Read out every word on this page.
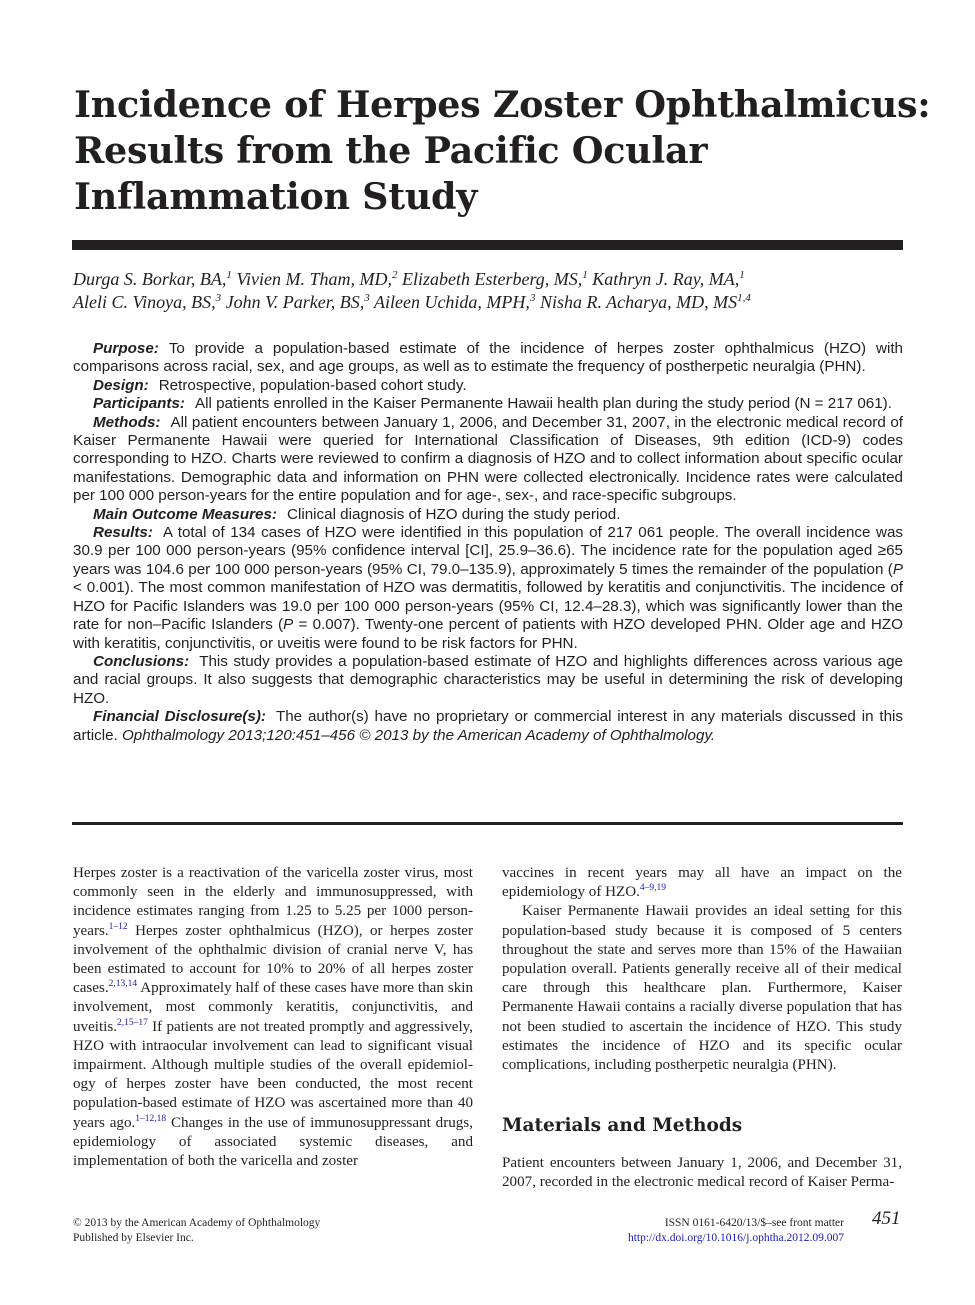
Incidence of Herpes Zoster Ophthalmicus:
Results from the Pacific Ocular
Inflammation Study
Durga S. Borkar, BA,$^1$ Vivien M. Tham, MD,$^2$ Elizabeth Esterberg, MS,$^1$ Kathryn J. Ray, MA,$^1$
Aleli C. Vinoya, BS,$^3$ John V. Parker, BS,$^3$ Aileen Uchida, MPH,$^3$ Nisha R. Acharya, MD, MS$^{1,4}$

Purpose: To provide a population-based estimate of the incidence of herpes zoster ophthalmicus (HZO) with comparisons across racial, sex, and age groups, as well as to estimate the frequency of postherpetic neuralgia (PHN).

Design: Retrospective, population-based cohort study.

Participants: All patients enrolled in the Kaiser Permanente Hawaii health plan during the study period (N = 217 061).

Methods: All patient encounters between January 1, 2006, and December 31, 2007, in the electronic medical record of Kaiser Permanente Hawaii were queried for International Classification of Diseases, 9th edition (ICD-9) codes corresponding to HZO. Charts were reviewed to confirm a diagnosis of HZO and to collect information about specific ocular manifestations. Demographic data and information on PHN were collected electronically. Incidence rates were calculated per 100 000 person-years for the entire population and for age-, sex-, and race-specific subgroups.

Main Outcome Measures: Clinical diagnosis of HZO during the study period.

Results: A total of 134 cases of HZO were identified in this population of 217 061 people. The overall incidence was 30.9 per 100 000 person-years (95% confidence interval [CI], 25.9–36.6). The incidence rate for the population aged ≥65 years was 104.6 per 100 000 person-years (95% CI, 79.0–135.9), approximately 5 times the remainder of the population (P < 0.001). The most common manifestation of HZO was dermatitis, followed by keratitis and conjunctivitis. The incidence of HZO for Pacific Islanders was 19.0 per 100 000 person-years (95% CI, 12.4–28.3), which was significantly lower than the rate for non–Pacific Islanders (P = 0.007). Twenty-one percent of patients with HZO developed PHN. Older age and HZO with keratitis, conjunctivitis, or uveitis were found to be risk factors for PHN.

Conclusions: This study provides a population-based estimate of HZO and highlights differences across various age and racial groups. It also suggests that demographic characteristics may be useful in determining the risk of developing HZO.

Financial Disclosure(s): The author(s) have no proprietary or commercial interest in any materials discussed in this article. Ophthalmology 2013;120:451–456 © 2013 by the American Academy of Ophthalmology.

Herpes zoster is a reactivation of the varicella zoster virus, most commonly seen in the elderly and immunosuppressed, with incidence estimates ranging from 1.25 to 5.25 per 1000 person-years.$^{1-12}$ Herpes zoster ophthalmicus (HZO), or herpes zoster involvement of the ophthalmic division of cranial nerve V, has been estimated to account for 10% to 20% of all herpes zoster cases.$^{2,13,14}$ Approximately half of these cases have more than skin involvement, most commonly keratitis, conjunctivitis, and uveitis.$^{2,15-17}$ If patients are not treated promptly and aggressively, HZO with intraocular involvement can lead to significant visual impairment. Although multiple studies of the overall epidemiology of herpes zoster have been conducted, the most recent population-based estimate of HZO was ascertained more than 40 years ago.$^{1-12,18}$ Changes in the use of immunosuppressant drugs, epidemiology of associated systemic diseases, and implementation of both the varicella and zoster

vaccines in recent years may all have an impact on the epidemiology of HZO.$^{4-9,19}$

Kaiser Permanente Hawaii provides an ideal setting for this population-based study because it is composed of 5 centers throughout the state and serves more than 15% of the Hawaiian population overall. Patients generally receive all of their medical care through this healthcare plan. Furthermore, Kaiser Permanente Hawaii contains a racially diverse population that has not been studied to ascertain the incidence of HZO. This study estimates the incidence of HZO and its specific ocular complications, including postherpetic neuralgia (PHN).

Materials and Methods

Patient encounters between January 1, 2006, and December 31, 2007, recorded in the electronic medical record of Kaiser Perma-

© 2013 by the American Academy of Ophthalmology
Published by Elsevier Inc.
ISSN 0161-6420/13/$–see front matter
http://dx.doi.org/10.1016/j.ophtha.2012.09.007
451
